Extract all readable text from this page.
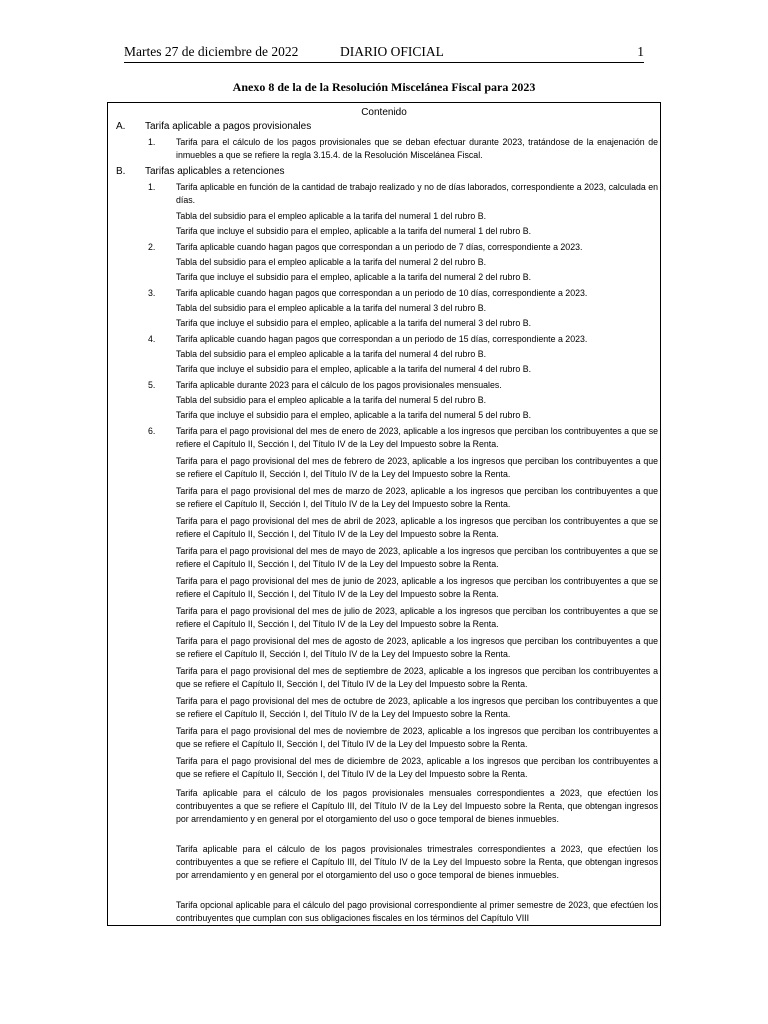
Martes 27 de diciembre de 2022	DIARIO OFICIAL	1
Anexo 8 de la de la Resolución Miscelánea Fiscal para 2023
Contenido
A. Tarifa aplicable a pagos provisionales
1. Tarifa para el cálculo de los pagos provisionales que se deban efectuar durante 2023, tratándose de la enajenación de inmuebles a que se refiere la regla 3.15.4. de la Resolución Miscelánea Fiscal.
B. Tarifas aplicables a retenciones
1. Tarifa aplicable en función de la cantidad de trabajo realizado y no de días laborados, correspondiente a 2023, calculada en días.
Tabla del subsidio para el empleo aplicable a la tarifa del numeral 1 del rubro B.
Tarifa que incluye el subsidio para el empleo, aplicable a la tarifa del numeral 1 del rubro B.
2. Tarifa aplicable cuando hagan pagos que correspondan a un periodo de 7 días, correspondiente a 2023.
Tabla del subsidio para el empleo aplicable a la tarifa del numeral 2 del rubro B.
Tarifa que incluye el subsidio para el empleo, aplicable a la tarifa del numeral 2 del rubro B.
3. Tarifa aplicable cuando hagan pagos que correspondan a un periodo de 10 días, correspondiente a 2023.
Tabla del subsidio para el empleo aplicable a la tarifa del numeral 3 del rubro B.
Tarifa que incluye el subsidio para el empleo, aplicable a la tarifa del numeral 3 del rubro B.
4. Tarifa aplicable cuando hagan pagos que correspondan a un periodo de 15 días, correspondiente a 2023.
Tabla del subsidio para el empleo aplicable a la tarifa del numeral 4 del rubro B.
Tarifa que incluye el subsidio para el empleo, aplicable a la tarifa del numeral 4 del rubro B.
5. Tarifa aplicable durante 2023 para el cálculo de los pagos provisionales mensuales.
Tabla del subsidio para el empleo aplicable a la tarifa del numeral 5 del rubro B.
Tarifa que incluye el subsidio para el empleo, aplicable a la tarifa del numeral 5 del rubro B.
6. Tarifa para el pago provisional del mes de enero de 2023, aplicable a los ingresos que perciban los contribuyentes a que se refiere el Capítulo II, Sección I, del Título IV de la Ley del Impuesto sobre la Renta.
Tarifa para el pago provisional del mes de febrero de 2023, aplicable a los ingresos que perciban los contribuyentes a que se refiere el Capítulo II, Sección I, del Título IV de la Ley del Impuesto sobre la Renta.
Tarifa para el pago provisional del mes de marzo de 2023, aplicable a los ingresos que perciban los contribuyentes a que se refiere el Capítulo II, Sección I, del Título IV de la Ley del Impuesto sobre la Renta.
Tarifa para el pago provisional del mes de abril de 2023, aplicable a los ingresos que perciban los contribuyentes a que se refiere el Capítulo II, Sección I, del Título IV de la Ley del Impuesto sobre la Renta.
Tarifa para el pago provisional del mes de mayo de 2023, aplicable a los ingresos que perciban los contribuyentes a que se refiere el Capítulo II, Sección I, del Título IV de la Ley del Impuesto sobre la Renta.
Tarifa para el pago provisional del mes de junio de 2023, aplicable a los ingresos que perciban los contribuyentes a que se refiere el Capítulo II, Sección I, del Título IV de la Ley del Impuesto sobre la Renta.
Tarifa para el pago provisional del mes de julio de 2023, aplicable a los ingresos que perciban los contribuyentes a que se refiere el Capítulo II, Sección I, del Título IV de la Ley del Impuesto sobre la Renta.
Tarifa para el pago provisional del mes de agosto de 2023, aplicable a los ingresos que perciban los contribuyentes a que se refiere el Capítulo II, Sección I, del Título IV de la Ley del Impuesto sobre la Renta.
Tarifa para el pago provisional del mes de septiembre de 2023, aplicable a los ingresos que perciban los contribuyentes a que se refiere el Capítulo II, Sección I, del Título IV de la Ley del Impuesto sobre la Renta.
Tarifa para el pago provisional del mes de octubre de 2023, aplicable a los ingresos que perciban los contribuyentes a que se refiere el Capítulo II, Sección I, del Título IV de la Ley del Impuesto sobre la Renta.
Tarifa para el pago provisional del mes de noviembre de 2023, aplicable a los ingresos que perciban los contribuyentes a que se refiere el Capítulo II, Sección I, del Título IV de la Ley del Impuesto sobre la Renta.
Tarifa para el pago provisional del mes de diciembre de 2023, aplicable a los ingresos que perciban los contribuyentes a que se refiere el Capítulo II, Sección I, del Título IV de la Ley del Impuesto sobre la Renta.
Tarifa aplicable para el cálculo de los pagos provisionales mensuales correspondientes a 2023, que efectúen los contribuyentes a que se refiere el Capítulo III, del Título IV de la Ley del Impuesto sobre la Renta, que obtengan ingresos por arrendamiento y en general por el otorgamiento del uso o goce temporal de bienes inmuebles.
Tarifa aplicable para el cálculo de los pagos provisionales trimestrales correspondientes a 2023, que efectúen los contribuyentes a que se refiere el Capítulo III, del Título IV de la Ley del Impuesto sobre la Renta, que obtengan ingresos por arrendamiento y en general por el otorgamiento del uso o goce temporal de bienes inmuebles.
Tarifa opcional aplicable para el cálculo del pago provisional correspondiente al primer semestre de 2023, que efectúen los contribuyentes que cumplan con sus obligaciones fiscales en los términos del Capítulo VIII
